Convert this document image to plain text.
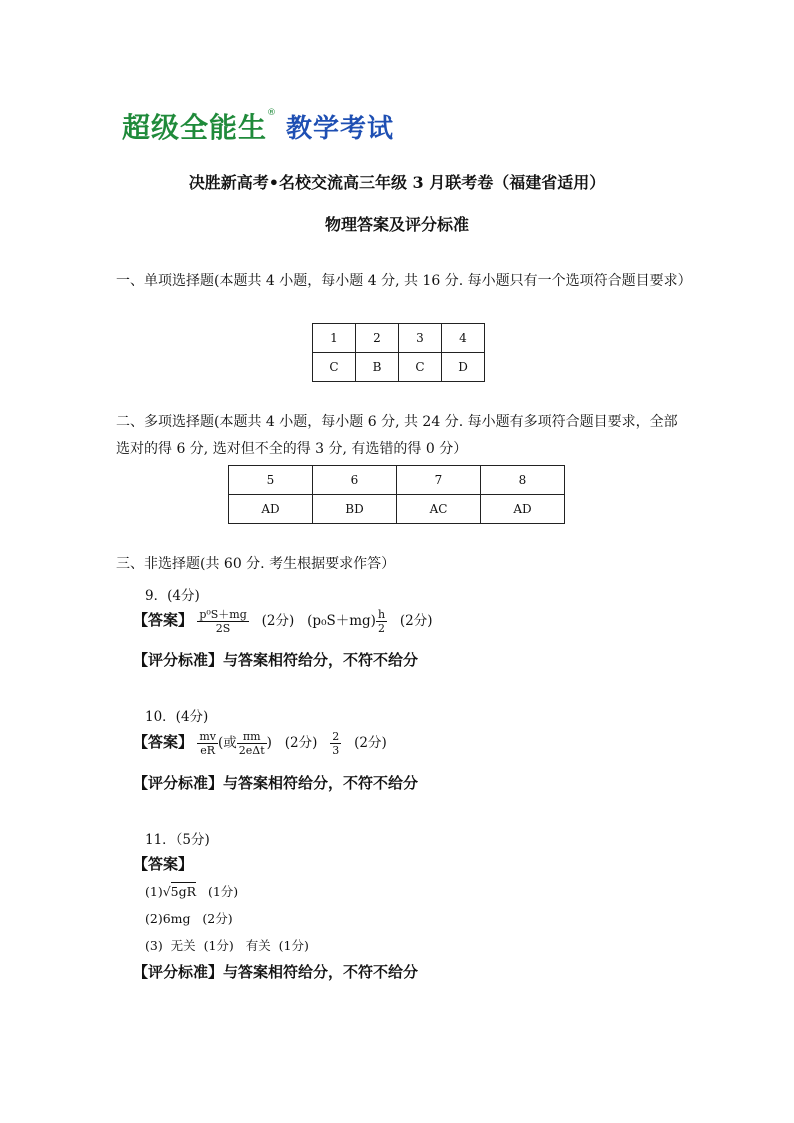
超级全能生®教学考试
决胜新高考•名校交流高三年级 3 月联考卷（福建省适用）
物理答案及评分标准
一、单项选择题(本题共 4 小题，每小题 4 分, 共 16 分. 每小题只有一个选项符合题目要求）
1	2	3	4
C	B	C	D
二、多项选择题(本题共 4 小题，每小题 6 分, 共 24 分. 每小题有多项符合题目要求，全部选对的得 6 分, 选对但不全的得 3 分, 有选错的得 0 分）
5	6	7	8
AD	BD	AC	AD
三、非选择题(共 60 分. 考生根据要求作答）
9．(4分)
【答案】 $\frac{\text{p⁰S＋mg}}{2S} (2$分) $(p_0S+mg) \frac{h}{2} (2$分)
【评分标准】与答案相符给分，不符不给分
10．(4分)
【答案】 $\frac{mv}{eR}$ (或 $\frac{\pi m}{\text{2eΔt}}$ ) (2分) $\frac{2}{3} (2$分)
【评分标准】与答案相符给分，不符不给分
11．（5分)
【答案】
(1)√5gR (1分)
(2)6mg   (2分)
(3)  无关  (1分)   有关  (1分)
【评分标准】与答案相符给分，不符不给分
